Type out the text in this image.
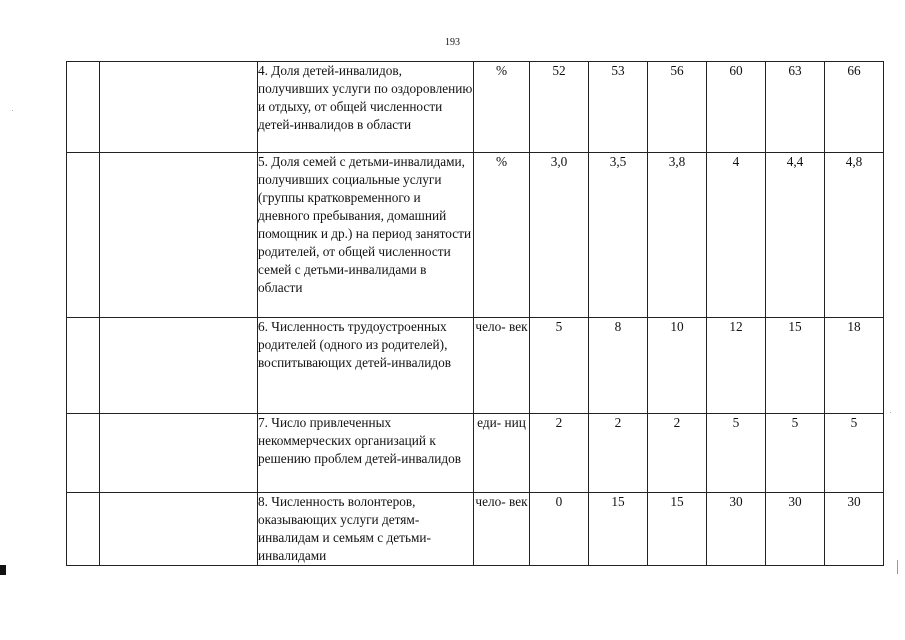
193
		4. Доля детей-инвалидов, получивших услуги по оздоровлению и отдыху, от общей численности детей-инвалидов в области	%	52	53	56	60	63	66
		5. Доля семей с детьми-инвалидами, получивших социальные услуги (группы кратковременного и дневного пребывания, домашний помощник и др.) на период занятости родителей, от общей численности семей с детьми-инвалидами в области	%	3,0	3,5	3,8	4	4,4	4,8
		6. Численность трудоустроенных родителей (одного из родителей), воспитывающих детей-инвалидов	чело- век	5	8	10	12	15	18
		7. Число привлеченных некоммерческих организаций к решению проблем детей-инвалидов	еди- ниц	2	2	2	5	5	5
		8. Численность волонтеров, оказывающих услуги детям-инвалидам и семьям с детьми-инвалидами	чело- век	0	15	15	30	30	30
